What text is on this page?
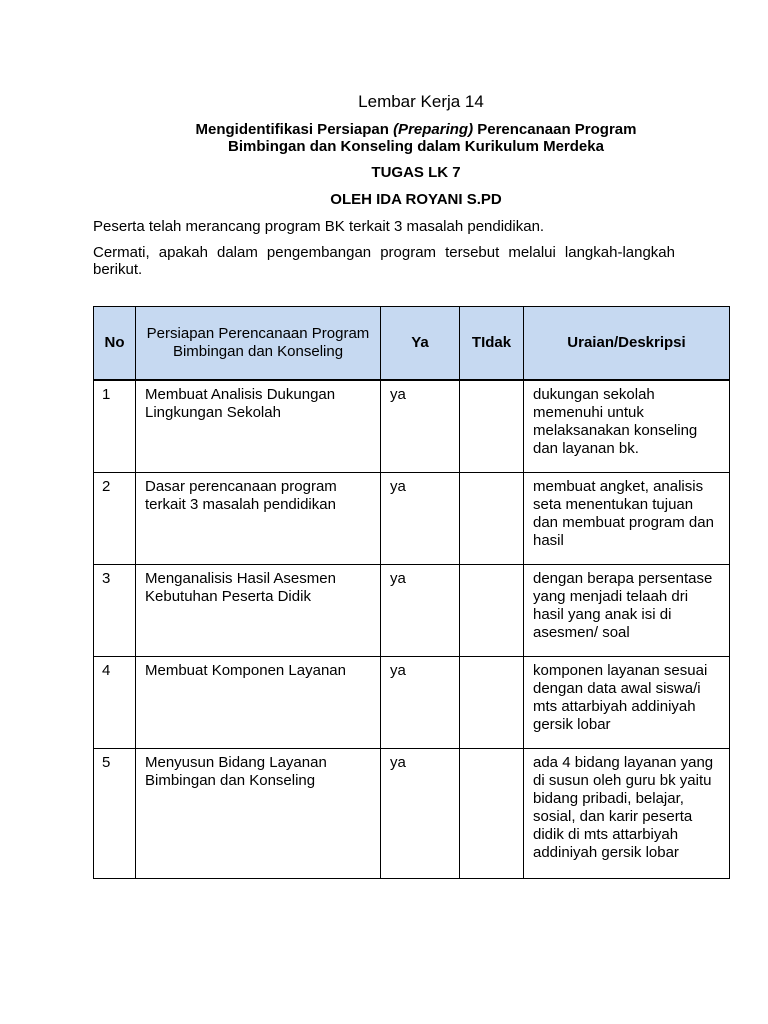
Lembar Kerja 14

Mengidentifikasi Persiapan (Preparing) Perencanaan Program
Bimbingan dan Konseling dalam Kurikulum Merdeka

TUGAS LK 7

OLEH IDA ROYANI S.PD

Peserta telah merancang program BK terkait 3 masalah pendidikan.

Cermati, apakah dalam pengembangan program tersebut melalui langkah-langkah berikut.

No	Persiapan Perencanaan Program Bimbingan dan Konseling	Ya	TIdak	Uraian/Deskripsi
1	Membuat Analisis Dukungan Lingkungan Sekolah	ya		dukungan sekolah memenuhi untuk melaksanakan konseling dan layanan bk.
2	Dasar perencanaan program terkait 3 masalah pendidikan	ya		membuat angket, analisis seta menentukan tujuan dan membuat program dan hasil
3	Menganalisis Hasil Asesmen Kebutuhan Peserta Didik	ya		dengan berapa persentase yang menjadi telaah dri hasil yang anak isi di asesmen/ soal
4	Membuat Komponen Layanan	ya		komponen layanan sesuai dengan data awal siswa/i mts attarbiyah addiniyah gersik lobar
5	Menyusun Bidang Layanan Bimbingan dan Konseling	ya		ada 4 bidang layanan yang di susun oleh guru bk yaitu bidang pribadi, belajar, sosial, dan karir peserta didik di mts attarbiyah addiniyah gersik lobar
